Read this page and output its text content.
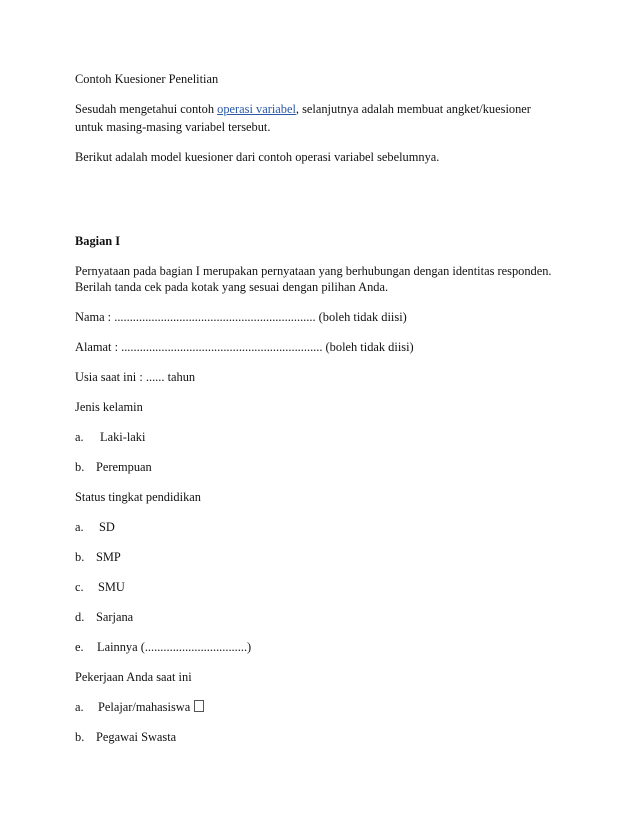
Contoh Kuesioner Penelitian
Sesudah mengetahui contoh operasi variabel, selanjutnya adalah membuat angket/kuesioner
untuk masing-masing variabel tersebut.
Berikut adalah model kuesioner dari contoh operasi variabel sebelumnya.
Bagian I
Pernyataan pada bagian I merupakan pernyataan yang berhubungan dengan identitas responden.
Berilah tanda cek pada kotak yang sesuai dengan pilihan Anda.
Nama : ................................................................. (boleh tidak diisi)
Alamat : ................................................................. (boleh tidak diisi)
Usia saat ini : ...... tahun
Jenis kelamin
a. Laki-laki
b. Perempuan
Status tingkat pendidikan
a. SD
b. SMP
c. SMU
d. Sarjana
e. Lainnya (.................................)
Pekerjaan Anda saat ini
a. Pelajar/mahasiswa
b. Pegawai Swasta
